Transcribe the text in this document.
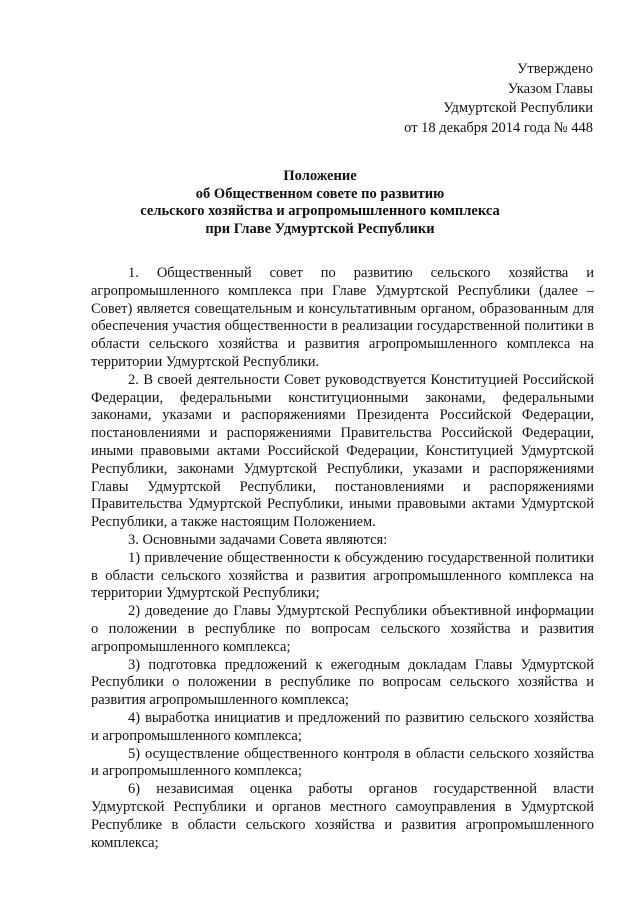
Утверждено
Указом Главы
Удмуртской Республики
от 18 декабря 2014 года № 448
Положение
об Общественном совете по развитию
сельского хозяйства и агропромышленного комплекса
при Главе Удмуртской Республики

1. Общественный совет по развитию сельского хозяйства и агропромышленного комплекса при Главе Удмуртской Республики (далее – Совет) является совещательным и консультативным органом, образованным для обеспечения участия общественности в реализации государственной политики в области сельского хозяйства и развития агропромышленного комплекса на территории Удмуртской Республики.

2. В своей деятельности Совет руководствуется Конституцией Российской Федерации, федеральными конституционными законами, федеральными законами, указами и распоряжениями Президента Российской Федерации, постановлениями и распоряжениями Правительства Российской Федерации, иными правовыми актами Российской Федерации, Конституцией Удмуртской Республики, законами Удмуртской Республики, указами и распоряжениями Главы Удмуртской Республики, постановлениями и распоряжениями Правительства Удмуртской Республики, иными правовыми актами Удмуртской Республики, а также настоящим Положением.

3. Основными задачами Совета являются:

1) привлечение общественности к обсуждению государственной политики в области сельского хозяйства и развития агропромышленного комплекса на территории Удмуртской Республики;

2) доведение до Главы Удмуртской Республики объективной информации о положении в республике по вопросам сельского хозяйства и развития агропромышленного комплекса;

3) подготовка предложений к ежегодным докладам Главы Удмуртской Республики о положении в республике по вопросам сельского хозяйства и развития агропромышленного комплекса;

4) выработка инициатив и предложений по развитию сельского хозяйства и агропромышленного комплекса;

5) осуществление общественного контроля в области сельского хозяйства и агропромышленного комплекса;

6) независимая оценка работы органов государственной власти Удмуртской Республики и органов местного самоуправления в Удмуртской Республике в области сельского хозяйства и развития агропромышленного комплекса;
